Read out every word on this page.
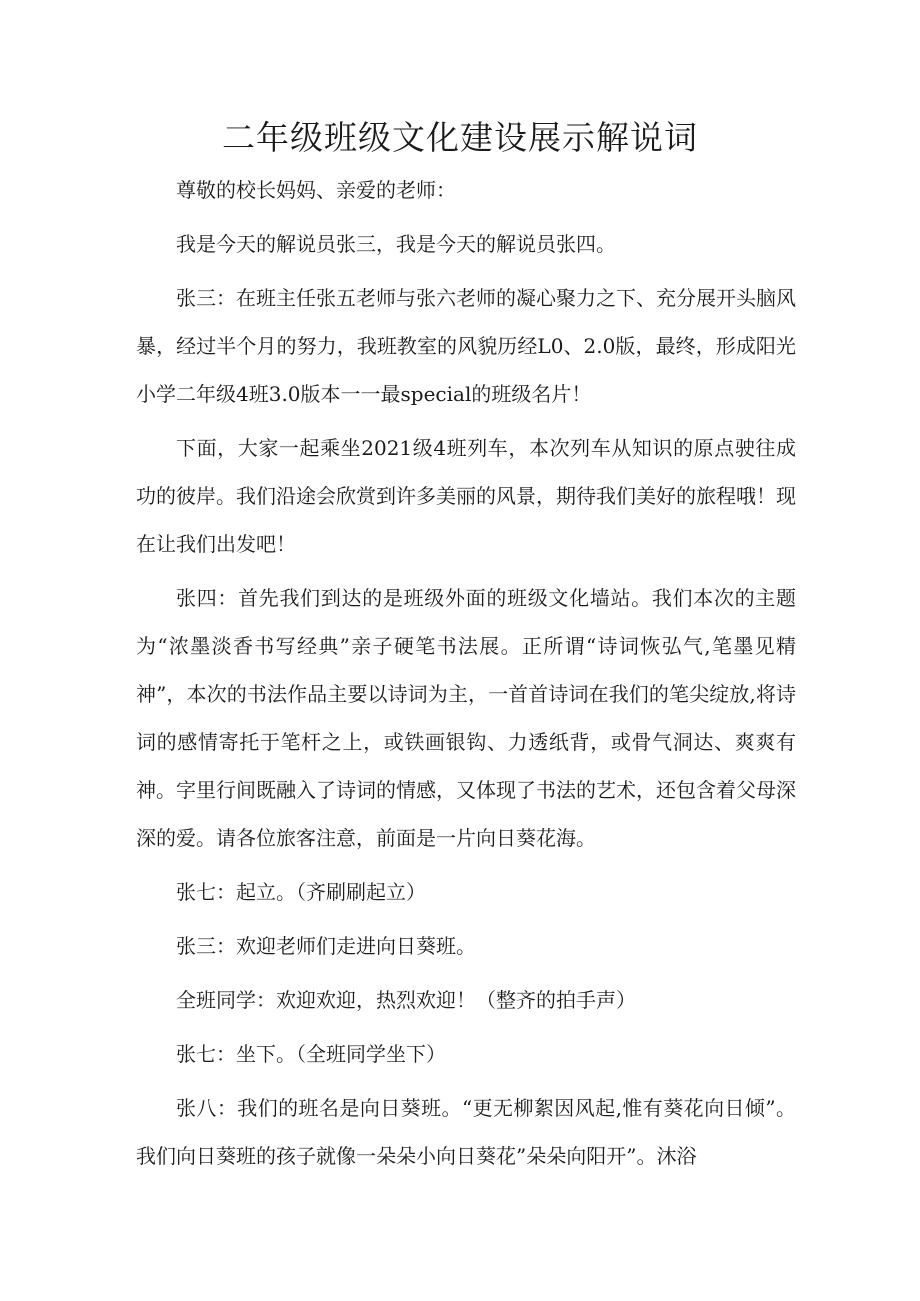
二年级班级文化建设展示解说词

尊敬的校长妈妈、亲爱的老师：

我是今天的解说员张三，我是今天的解说员张四。

张三：在班主任张五老师与张六老师的凝心聚力之下、充分展开头脑风暴，经过半个月的努力，我班教室的风貌历经L0、2.0版，最终，形成阳光小学二年级4班3.0版本一一最special的班级名片！

下面，大家一起乘坐2021级4班列车，本次列车从知识的原点驶往成功的彼岸。我们沿途会欣赏到许多美丽的风景，期待我们美好的旅程哦！现在让我们出发吧！

张四：首先我们到达的是班级外面的班级文化墙站。我们本次的主题为“浓墨淡香书写经典”亲子硬笔书法展。正所谓“诗词恢弘气,笔墨见精神”，本次的书法作品主要以诗词为主，一首首诗词在我们的笔尖绽放,将诗词的感情寄托于笔杆之上，或铁画银钩、力透纸背，或骨气洞达、爽爽有神。字里行间既融入了诗词的情感，又体现了书法的艺术，还包含着父母深深的爱。请各位旅客注意，前面是一片向日葵花海。

张七：起立。（齐刷刷起立）

张三：欢迎老师们走进向日葵班。

全班同学：欢迎欢迎，热烈欢迎！（整齐的拍手声）

张七：坐下。（全班同学坐下）

张八：我们的班名是向日葵班。“更无柳絮因风起,惟有葵花向日倾”。我们向日葵班的孩子就像一朵朵小向日葵花”朵朵向阳开”。沐浴
